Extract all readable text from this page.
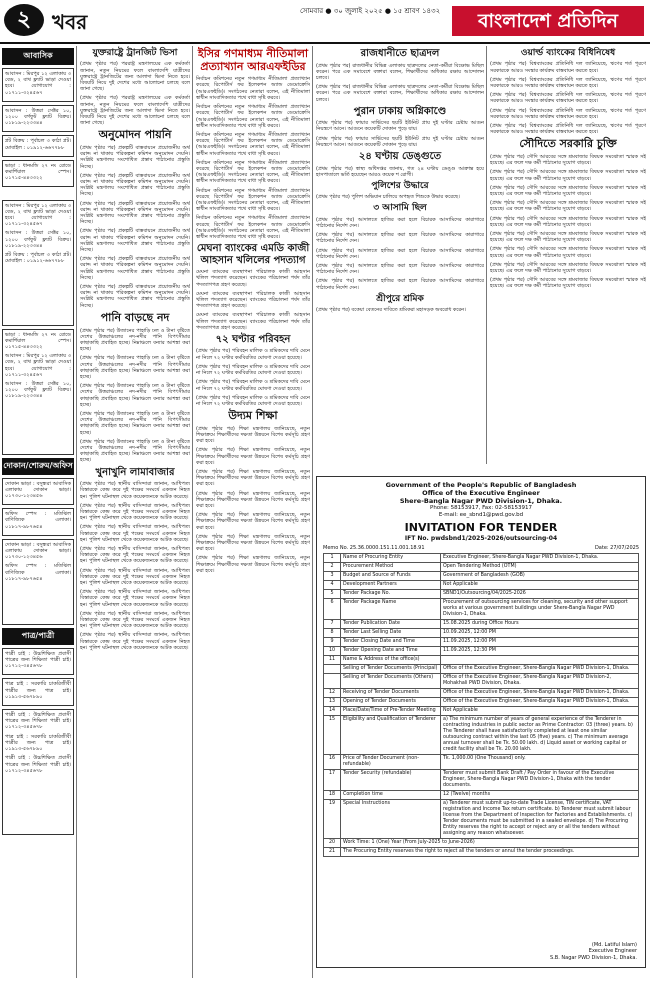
২	খবর	সোমবার ● ৩০ জুলাই ২০২৫ ● ১৫ শ্রাবণ ১৪৩২	বাংলাদেশ প্রতিদিন
আবাসিক

আবাসন : মিরপুর ১২ এলাকায় ৩ বেড, ২ বাথ ফ্ল্যাট ভাড়া দেওয়া হবে। যোগাযোগ : ০১৭১১-৩২৪৫৬৭

আবাসন : উত্তরা সেক্টর ১০, ১২০০ বর্গফুট ফ্ল্যাট বিক্রয়। ০১৮১৯-২২৩৩৪৪

প্লট বিক্রয় : পূর্বাচল ৩ কাঠা প্লট। মোবাইল : ০১৯১২-৬৬৭৭৮৮

ভাড়া : ধানমন্ডি ২৭ নং রোডে কমার্শিয়াল স্পেস। ০১৭১৫-৪৪৩৩২২

আবাসন : মিরপুর ১২ এলাকায় ৩ বেড, ২ বাথ ফ্ল্যাট ভাড়া দেওয়া হবে। যোগাযোগ : ০১৭১১-৩২৪৫৬৭

আবাসন : উত্তরা সেক্টর ১০, ১২০০ বর্গফুট ফ্ল্যাট বিক্রয়। ০১৮১৯-২২৩৩৪৪

প্লট বিক্রয় : পূর্বাচল ৩ কাঠা প্লট। মোবাইল : ০১৯১২-৬৬৭৭৮৮

ভাড়া : ধানমন্ডি ২৭ নং রোডে কমার্শিয়াল স্পেস। ০১৭১৫-৪৪৩৩২২

আবাসন : মিরপুর ১২ এলাকায় ৩ বেড, ২ বাথ ফ্ল্যাট ভাড়া দেওয়া হবে। যোগাযোগ : ০১৭১১-৩২৪৫৬৭

আবাসন : উত্তরা সেক্টর ১০, ১২০০ বর্গফুট ফ্ল্যাট বিক্রয়। ০১৮১৯-২২৩৩৪৪

দোকান/শোরুম/অফিস

দোকান ভাড়া : বসুন্ধরা আবাসিক এলাকায় দোকান ভাড়া। ০১৭৩০-১২৩৪৫৬

অফিস স্পেস : মতিঝিল বাণিজ্যিক এলাকা। ০১৮১৭-৯৮৭৬৫৪

দোকান ভাড়া : বসুন্ধরা আবাসিক এলাকায় দোকান ভাড়া। ০১৭৩০-১২৩৪৫৬

অফিস স্পেস : মতিঝিল বাণিজ্যিক এলাকা। ০১৮১৭-৯৮৭৬৫৪

পাত্র/পাত্রী

পাত্রী চাই : উচ্চশিক্ষিত প্রবাসী পাত্রের জন্য শিক্ষিতা পাত্রী চাই। ০১৭১২-৩৪৫৬৭৮

পাত্র চাই : সরকারি চাকরিজীবী পাত্রীর জন্য পাত্র চাই। ০১৯১৩-৫৬৭৮৯০

পাত্রী চাই : উচ্চশিক্ষিত প্রবাসী পাত্রের জন্য শিক্ষিতা পাত্রী চাই। ০১৭১২-৩৪৫৬৭৮

পাত্র চাই : সরকারি চাকরিজীবী পাত্রীর জন্য পাত্র চাই। ০১৯১৩-৫৬৭৮৯০

পাত্রী চাই : উচ্চশিক্ষিত প্রবাসী পাত্রের জন্য শিক্ষিতা পাত্রী চাই। ০১৭১২-৩৪৫৬৭৮

যুক্তরাষ্ট্রে ট্রানজিট ভিসা

(প্রথম পৃষ্ঠার পর) পররাষ্ট্র মন্ত্রণালয়ের এক কর্মকর্তা জানান, নতুন নিয়মের ফলে বাংলাদেশি যাত্রীদের যুক্তরাষ্ট্রে ট্রানজিটের জন্য আলাদা ভিসা নিতে হবে। বিষয়টি নিয়ে দুই দেশের মধ্যে আলোচনা চলছে বলে জানা গেছে।

(প্রথম পৃষ্ঠার পর) পররাষ্ট্র মন্ত্রণালয়ের এক কর্মকর্তা জানান, নতুন নিয়মের ফলে বাংলাদেশি যাত্রীদের যুক্তরাষ্ট্রে ট্রানজিটের জন্য আলাদা ভিসা নিতে হবে। বিষয়টি নিয়ে দুই দেশের মধ্যে আলোচনা চলছে বলে জানা গেছে।

অনুমোদন পায়নি

(প্রথম পৃষ্ঠার পর) প্রকল্পটি বাস্তবায়নে প্রয়োজনীয় অর্থ বরাদ্দ না থাকায় পরিকল্পনা কমিশন অনুমোদন দেয়নি। সংশ্লিষ্ট মন্ত্রণালয় সংশোধিত প্রস্তাব পাঠানোর প্রস্তুতি নিচ্ছে।

(প্রথম পৃষ্ঠার পর) প্রকল্পটি বাস্তবায়নে প্রয়োজনীয় অর্থ বরাদ্দ না থাকায় পরিকল্পনা কমিশন অনুমোদন দেয়নি। সংশ্লিষ্ট মন্ত্রণালয় সংশোধিত প্রস্তাব পাঠানোর প্রস্তুতি নিচ্ছে।

(প্রথম পৃষ্ঠার পর) প্রকল্পটি বাস্তবায়নে প্রয়োজনীয় অর্থ বরাদ্দ না থাকায় পরিকল্পনা কমিশন অনুমোদন দেয়নি। সংশ্লিষ্ট মন্ত্রণালয় সংশোধিত প্রস্তাব পাঠানোর প্রস্তুতি নিচ্ছে।

(প্রথম পৃষ্ঠার পর) প্রকল্পটি বাস্তবায়নে প্রয়োজনীয় অর্থ বরাদ্দ না থাকায় পরিকল্পনা কমিশন অনুমোদন দেয়নি। সংশ্লিষ্ট মন্ত্রণালয় সংশোধিত প্রস্তাব পাঠানোর প্রস্তুতি নিচ্ছে।

(প্রথম পৃষ্ঠার পর) প্রকল্পটি বাস্তবায়নে প্রয়োজনীয় অর্থ বরাদ্দ না থাকায় পরিকল্পনা কমিশন অনুমোদন দেয়নি। সংশ্লিষ্ট মন্ত্রণালয় সংশোধিত প্রস্তাব পাঠানোর প্রস্তুতি নিচ্ছে।

(প্রথম পৃষ্ঠার পর) প্রকল্পটি বাস্তবায়নে প্রয়োজনীয় অর্থ বরাদ্দ না থাকায় পরিকল্পনা কমিশন অনুমোদন দেয়নি। সংশ্লিষ্ট মন্ত্রণালয় সংশোধিত প্রস্তাব পাঠানোর প্রস্তুতি নিচ্ছে।

পানি বাড়ছে নদ

(প্রথম পৃষ্ঠার পর) উজানের পাহাড়ি ঢল ও টানা বৃষ্টিতে দেশের উত্তরাঞ্চলের নদ-নদীর পানি বিপৎসীমার কাছাকাছি প্রবাহিত হচ্ছে। নিম্নাঞ্চলে বন্যার আশঙ্কা করা হচ্ছে।

(প্রথম পৃষ্ঠার পর) উজানের পাহাড়ি ঢল ও টানা বৃষ্টিতে দেশের উত্তরাঞ্চলের নদ-নদীর পানি বিপৎসীমার কাছাকাছি প্রবাহিত হচ্ছে। নিম্নাঞ্চলে বন্যার আশঙ্কা করা হচ্ছে।

(প্রথম পৃষ্ঠার পর) উজানের পাহাড়ি ঢল ও টানা বৃষ্টিতে দেশের উত্তরাঞ্চলের নদ-নদীর পানি বিপৎসীমার কাছাকাছি প্রবাহিত হচ্ছে। নিম্নাঞ্চলে বন্যার আশঙ্কা করা হচ্ছে।

(প্রথম পৃষ্ঠার পর) উজানের পাহাড়ি ঢল ও টানা বৃষ্টিতে দেশের উত্তরাঞ্চলের নদ-নদীর পানি বিপৎসীমার কাছাকাছি প্রবাহিত হচ্ছে। নিম্নাঞ্চলে বন্যার আশঙ্কা করা হচ্ছে।

(প্রথম পৃষ্ঠার পর) উজানের পাহাড়ি ঢল ও টানা বৃষ্টিতে দেশের উত্তরাঞ্চলের নদ-নদীর পানি বিপৎসীমার কাছাকাছি প্রবাহিত হচ্ছে। নিম্নাঞ্চলে বন্যার আশঙ্কা করা হচ্ছে।

খুনাখুনি লামাবাজার

(প্রথম পৃষ্ঠার পর) স্থানীয় বাসিন্দারা জানান, আধিপত্য বিস্তারকে কেন্দ্র করে দুই পক্ষের সংঘর্ষে একজন নিহত হন। পুলিশ ঘটনাস্থল থেকে কয়েকজনকে আটক করেছে।

(প্রথম পৃষ্ঠার পর) স্থানীয় বাসিন্দারা জানান, আধিপত্য বিস্তারকে কেন্দ্র করে দুই পক্ষের সংঘর্ষে একজন নিহত হন। পুলিশ ঘটনাস্থল থেকে কয়েকজনকে আটক করেছে।

(প্রথম পৃষ্ঠার পর) স্থানীয় বাসিন্দারা জানান, আধিপত্য বিস্তারকে কেন্দ্র করে দুই পক্ষের সংঘর্ষে একজন নিহত হন। পুলিশ ঘটনাস্থল থেকে কয়েকজনকে আটক করেছে।

(প্রথম পৃষ্ঠার পর) স্থানীয় বাসিন্দারা জানান, আধিপত্য বিস্তারকে কেন্দ্র করে দুই পক্ষের সংঘর্ষে একজন নিহত হন। পুলিশ ঘটনাস্থল থেকে কয়েকজনকে আটক করেছে।

(প্রথম পৃষ্ঠার পর) স্থানীয় বাসিন্দারা জানান, আধিপত্য বিস্তারকে কেন্দ্র করে দুই পক্ষের সংঘর্ষে একজন নিহত হন। পুলিশ ঘটনাস্থল থেকে কয়েকজনকে আটক করেছে।

(প্রথম পৃষ্ঠার পর) স্থানীয় বাসিন্দারা জানান, আধিপত্য বিস্তারকে কেন্দ্র করে দুই পক্ষের সংঘর্ষে একজন নিহত হন। পুলিশ ঘটনাস্থল থেকে কয়েকজনকে আটক করেছে।

(প্রথম পৃষ্ঠার পর) স্থানীয় বাসিন্দারা জানান, আধিপত্য বিস্তারকে কেন্দ্র করে দুই পক্ষের সংঘর্ষে একজন নিহত হন। পুলিশ ঘটনাস্থল থেকে কয়েকজনকে আটক করেছে।

(প্রথম পৃষ্ঠার পর) স্থানীয় বাসিন্দারা জানান, আধিপত্য বিস্তারকে কেন্দ্র করে দুই পক্ষের সংঘর্ষে একজন নিহত হন। পুলিশ ঘটনাস্থল থেকে কয়েকজনকে আটক করেছে।

ইসির গণমাধ্যম নীতিমালা প্রত্যাখ্যান আরএফইডির

নির্বাচন কমিশনের নতুন গণমাধ্যম নীতিমালা প্রত্যাখ্যান করেছে রিপোর্টার্স ফর ইলেকশন অ্যান্ড ডেমোক্রেসি (আরএফইডি)। সংগঠনের নেতারা বলেন, এই নীতিমালা স্বাধীন সাংবাদিকতার পথে বাধা সৃষ্টি করবে।

নির্বাচন কমিশনের নতুন গণমাধ্যম নীতিমালা প্রত্যাখ্যান করেছে রিপোর্টার্স ফর ইলেকশন অ্যান্ড ডেমোক্রেসি (আরএফইডি)। সংগঠনের নেতারা বলেন, এই নীতিমালা স্বাধীন সাংবাদিকতার পথে বাধা সৃষ্টি করবে।

নির্বাচন কমিশনের নতুন গণমাধ্যম নীতিমালা প্রত্যাখ্যান করেছে রিপোর্টার্স ফর ইলেকশন অ্যান্ড ডেমোক্রেসি (আরএফইডি)। সংগঠনের নেতারা বলেন, এই নীতিমালা স্বাধীন সাংবাদিকতার পথে বাধা সৃষ্টি করবে।

নির্বাচন কমিশনের নতুন গণমাধ্যম নীতিমালা প্রত্যাখ্যান করেছে রিপোর্টার্স ফর ইলেকশন অ্যান্ড ডেমোক্রেসি (আরএফইডি)। সংগঠনের নেতারা বলেন, এই নীতিমালা স্বাধীন সাংবাদিকতার পথে বাধা সৃষ্টি করবে।

নির্বাচন কমিশনের নতুন গণমাধ্যম নীতিমালা প্রত্যাখ্যান করেছে রিপোর্টার্স ফর ইলেকশন অ্যান্ড ডেমোক্রেসি (আরএফইডি)। সংগঠনের নেতারা বলেন, এই নীতিমালা স্বাধীন সাংবাদিকতার পথে বাধা সৃষ্টি করবে।

নির্বাচন কমিশনের নতুন গণমাধ্যম নীতিমালা প্রত্যাখ্যান করেছে রিপোর্টার্স ফর ইলেকশন অ্যান্ড ডেমোক্রেসি (আরএফইডি)। সংগঠনের নেতারা বলেন, এই নীতিমালা স্বাধীন সাংবাদিকতার পথে বাধা সৃষ্টি করবে।

মেঘনা ব্যাংকের এমডি কাজী আহসান খলিলের পদত্যাগ

মেঘনা ব্যাংকের ব্যবস্থাপনা পরিচালক কাজী আহসান খলিল পদত্যাগ করেছেন। ব্যাংকের পরিচালনা পর্ষদ তাঁর পদত্যাগপত্র গ্রহণ করেছে।

মেঘনা ব্যাংকের ব্যবস্থাপনা পরিচালক কাজী আহসান খলিল পদত্যাগ করেছেন। ব্যাংকের পরিচালনা পর্ষদ তাঁর পদত্যাগপত্র গ্রহণ করেছে।

মেঘনা ব্যাংকের ব্যবস্থাপনা পরিচালক কাজী আহসান খলিল পদত্যাগ করেছেন। ব্যাংকের পরিচালনা পর্ষদ তাঁর পদত্যাগপত্র গ্রহণ করেছে।

৭২ ঘণ্টার পরিবহন

(প্রথম পৃষ্ঠার পর) পরিবহন মালিক ও শ্রমিকদের দাবি মেনে না নিলে ৭২ ঘণ্টার কর্মবিরতির ঘোষণা দেওয়া হয়েছে।

(প্রথম পৃষ্ঠার পর) পরিবহন মালিক ও শ্রমিকদের দাবি মেনে না নিলে ৭২ ঘণ্টার কর্মবিরতির ঘোষণা দেওয়া হয়েছে।

(প্রথম পৃষ্ঠার পর) পরিবহন মালিক ও শ্রমিকদের দাবি মেনে না নিলে ৭২ ঘণ্টার কর্মবিরতির ঘোষণা দেওয়া হয়েছে।

(প্রথম পৃষ্ঠার পর) পরিবহন মালিক ও শ্রমিকদের দাবি মেনে না নিলে ৭২ ঘণ্টার কর্মবিরতির ঘোষণা দেওয়া হয়েছে।

উদ্যম শিক্ষা

(প্রথম পৃষ্ঠার পর) শিক্ষা মন্ত্রণালয় জানিয়েছে, নতুন শিক্ষাক্রমে শিক্ষার্থীদের দক্ষতা উন্নয়নে বিশেষ কর্মসূচি গ্রহণ করা হবে।

(প্রথম পৃষ্ঠার পর) শিক্ষা মন্ত্রণালয় জানিয়েছে, নতুন শিক্ষাক্রমে শিক্ষার্থীদের দক্ষতা উন্নয়নে বিশেষ কর্মসূচি গ্রহণ করা হবে।

(প্রথম পৃষ্ঠার পর) শিক্ষা মন্ত্রণালয় জানিয়েছে, নতুন শিক্ষাক্রমে শিক্ষার্থীদের দক্ষতা উন্নয়নে বিশেষ কর্মসূচি গ্রহণ করা হবে।

(প্রথম পৃষ্ঠার পর) শিক্ষা মন্ত্রণালয় জানিয়েছে, নতুন শিক্ষাক্রমে শিক্ষার্থীদের দক্ষতা উন্নয়নে বিশেষ কর্মসূচি গ্রহণ করা হবে।

(প্রথম পৃষ্ঠার পর) শিক্ষা মন্ত্রণালয় জানিয়েছে, নতুন শিক্ষাক্রমে শিক্ষার্থীদের দক্ষতা উন্নয়নে বিশেষ কর্মসূচি গ্রহণ করা হবে।

(প্রথম পৃষ্ঠার পর) শিক্ষা মন্ত্রণালয় জানিয়েছে, নতুন শিক্ষাক্রমে শিক্ষার্থীদের দক্ষতা উন্নয়নে বিশেষ কর্মসূচি গ্রহণ করা হবে।

(প্রথম পৃষ্ঠার পর) শিক্ষা মন্ত্রণালয় জানিয়েছে, নতুন শিক্ষাক্রমে শিক্ষার্থীদের দক্ষতা উন্নয়নে বিশেষ কর্মসূচি গ্রহণ করা হবে।

রাজধানীতে ছাত্রদল

(প্রথম পৃষ্ঠার পর) রাজধানীর বিভিন্ন এলাকায় ছাত্রদলের নেতা-কর্মীরা বিক্ষোভ মিছিল করেন। পরে এক সমাবেশে বক্তারা বলেন, শিক্ষার্থীদের অধিকার রক্ষায় আন্দোলন চলবে।

(প্রথম পৃষ্ঠার পর) রাজধানীর বিভিন্ন এলাকায় ছাত্রদলের নেতা-কর্মীরা বিক্ষোভ মিছিল করেন। পরে এক সমাবেশে বক্তারা বলেন, শিক্ষার্থীদের অধিকার রক্ষায় আন্দোলন চলবে।

পুরান ঢাকায় অগ্নিকাণ্ডে

(প্রথম পৃষ্ঠার পর) ফায়ার সার্ভিসের ছয়টি ইউনিট প্রায় দুই ঘণ্টার চেষ্টায় আগুন নিয়ন্ত্রণে আনে। আগুনে কয়েকটি দোকান পুড়ে যায়।

(প্রথম পৃষ্ঠার পর) ফায়ার সার্ভিসের ছয়টি ইউনিট প্রায় দুই ঘণ্টার চেষ্টায় আগুন নিয়ন্ত্রণে আনে। আগুনে কয়েকটি দোকান পুড়ে যায়।

২৪ ঘণ্টায় ডেঙ্গুতে

(প্রথম পৃষ্ঠার পর) স্বাস্থ্য অধিদপ্তর জানায়, গত ২৪ ঘণ্টায় ডেঙ্গু আক্রান্ত হয়ে হাসপাতালে ভর্তি হয়েছেন আরও কয়েক শ রোগী।

পুলিশের উদ্ধারে

(প্রথম পৃষ্ঠার পর) পুলিশ অভিযান চালিয়ে অপহৃত শিশুকে উদ্ধার করেছে।

৩ আসামি ছিল

(প্রথম পৃষ্ঠার পর) আদালতে হাজির করা হলে বিচারক আসামিদের কারাগারে পাঠানোর নির্দেশ দেন।

(প্রথম পৃষ্ঠার পর) আদালতে হাজির করা হলে বিচারক আসামিদের কারাগারে পাঠানোর নির্দেশ দেন।

(প্রথম পৃষ্ঠার পর) আদালতে হাজির করা হলে বিচারক আসামিদের কারাগারে পাঠানোর নির্দেশ দেন।

(প্রথম পৃষ্ঠার পর) আদালতে হাজির করা হলে বিচারক আসামিদের কারাগারে পাঠানোর নির্দেশ দেন।

(প্রথম পৃষ্ঠার পর) আদালতে হাজির করা হলে বিচারক আসামিদের কারাগারে পাঠানোর নির্দেশ দেন।

শ্রীপুরে শ্রমিক

(প্রথম পৃষ্ঠার পর) বকেয়া বেতনের দাবিতে শ্রমিকরা মহাসড়ক অবরোধ করেন।

ওয়ার্ল্ড ব্যাংকের বিধিনিষেধ

(প্রথম পৃষ্ঠার পর) বিশ্বব্যাংকের প্রতিনিধি দল জানিয়েছে, ঋণের শর্ত পূরণে সরকারকে আরও সংস্কার কার্যক্রম বাস্তবায়ন করতে হবে।

(প্রথম পৃষ্ঠার পর) বিশ্বব্যাংকের প্রতিনিধি দল জানিয়েছে, ঋণের শর্ত পূরণে সরকারকে আরও সংস্কার কার্যক্রম বাস্তবায়ন করতে হবে।

(প্রথম পৃষ্ঠার পর) বিশ্বব্যাংকের প্রতিনিধি দল জানিয়েছে, ঋণের শর্ত পূরণে সরকারকে আরও সংস্কার কার্যক্রম বাস্তবায়ন করতে হবে।

(প্রথম পৃষ্ঠার পর) বিশ্বব্যাংকের প্রতিনিধি দল জানিয়েছে, ঋণের শর্ত পূরণে সরকারকে আরও সংস্কার কার্যক্রম বাস্তবায়ন করতে হবে।

(প্রথম পৃষ্ঠার পর) বিশ্বব্যাংকের প্রতিনিধি দল জানিয়েছে, ঋণের শর্ত পূরণে সরকারকে আরও সংস্কার কার্যক্রম বাস্তবায়ন করতে হবে।

সৌদিতে সরকারি চুক্তি

(প্রথম পৃষ্ঠার পর) সৌদি আরবের সঙ্গে শ্রমবাজার বিষয়ক সমঝোতা স্মারক সই হয়েছে। এর ফলে দক্ষ কর্মী পাঠানোর সুযোগ বাড়বে।

(প্রথম পৃষ্ঠার পর) সৌদি আরবের সঙ্গে শ্রমবাজার বিষয়ক সমঝোতা স্মারক সই হয়েছে। এর ফলে দক্ষ কর্মী পাঠানোর সুযোগ বাড়বে।

(প্রথম পৃষ্ঠার পর) সৌদি আরবের সঙ্গে শ্রমবাজার বিষয়ক সমঝোতা স্মারক সই হয়েছে। এর ফলে দক্ষ কর্মী পাঠানোর সুযোগ বাড়বে।

(প্রথম পৃষ্ঠার পর) সৌদি আরবের সঙ্গে শ্রমবাজার বিষয়ক সমঝোতা স্মারক সই হয়েছে। এর ফলে দক্ষ কর্মী পাঠানোর সুযোগ বাড়বে।

(প্রথম পৃষ্ঠার পর) সৌদি আরবের সঙ্গে শ্রমবাজার বিষয়ক সমঝোতা স্মারক সই হয়েছে। এর ফলে দক্ষ কর্মী পাঠানোর সুযোগ বাড়বে।

(প্রথম পৃষ্ঠার পর) সৌদি আরবের সঙ্গে শ্রমবাজার বিষয়ক সমঝোতা স্মারক সই হয়েছে। এর ফলে দক্ষ কর্মী পাঠানোর সুযোগ বাড়বে।

(প্রথম পৃষ্ঠার পর) সৌদি আরবের সঙ্গে শ্রমবাজার বিষয়ক সমঝোতা স্মারক সই হয়েছে। এর ফলে দক্ষ কর্মী পাঠানোর সুযোগ বাড়বে।

(প্রথম পৃষ্ঠার পর) সৌদি আরবের সঙ্গে শ্রমবাজার বিষয়ক সমঝোতা স্মারক সই হয়েছে। এর ফলে দক্ষ কর্মী পাঠানোর সুযোগ বাড়বে।

(প্রথম পৃষ্ঠার পর) সৌদি আরবের সঙ্গে শ্রমবাজার বিষয়ক সমঝোতা স্মারক সই হয়েছে। এর ফলে দক্ষ কর্মী পাঠানোর সুযোগ বাড়বে।

Government of the People's Republic of Bangladesh
Office of the Executive Engineer
Shere-Bangla Nagar PWD Division-1, Dhaka.
Phone: 58153917, Fax: 02-58153917
E-mail: ee_sbnd1@pwd.gov.bd
INVITATION FOR TENDER
IFT No. pwdsbnd1/2025-2026/outsourcing-04
Memo No. 25.36.0000.151.11.001.18.91	Date: 27/07/2025
1	Name of Procuring Entity	Executive Engineer, Shere-Bangla Nagar PWD Division-1, Dhaka.
2	Procurement Method	Open Tendering Method (OTM)
3	Budget and Source of Funds	Government of Bangladesh (GOB)
4	Development Partners	Not Applicable
5	Tender Package No.	SBND1/Outsourcing/04/2025-2026
6	Tender Package Name	Procurement of outsourcing services for cleaning, security and other support works at various government buildings under Shere-Bangla Nagar PWD Division-1, Dhaka.
7	Tender Publication Date	15.08.2025 during Office Hours
8	Tender Last Selling Date	10.09.2025, 12:00 PM
9	Tender Closing Date and Time	11.09.2025, 12:00 PM
10	Tender Opening Date and Time	11.09.2025, 12:30 PM
11	Name & Address of the office(s)	
	Selling of Tender Documents (Principal)	Office of the Executive Engineer, Shere-Bangla Nagar PWD Division-1, Dhaka.
	Selling of Tender Documents (Others)	Office of the Executive Engineer, Shere-Bangla Nagar PWD Division-2, Mohakhali PWD Division, Dhaka.
12	Receiving of Tender Documents	Office of the Executive Engineer, Shere-Bangla Nagar PWD Division-1, Dhaka.
13	Opening of Tender Documents	Office of the Executive Engineer, Shere-Bangla Nagar PWD Division-1, Dhaka.
14	Place/Date/Time of Pre-Tender Meeting	Not Applicable
15	Eligibility and Qualification of Tenderer	a) The minimum number of years of general experience of the Tenderer in contracting industries in public sector as Prime Contractor: 03 (three) years. b) The Tenderer shall have satisfactorily completed at least one similar outsourcing contract within the last 05 (five) years. c) The minimum average annual turnover shall be Tk. 50.00 lakh. d) Liquid asset or working capital or credit facility shall be Tk. 20.00 lakh.
16	Price of Tender Document (non-refundable)	Tk. 1,000.00 (One Thousand) only.
17	Tender Security (refundable)	Tenderer must submit Bank Draft / Pay Order in favour of the Executive Engineer, Shere-Bangla Nagar PWD Division-1, Dhaka with the tender documents.
18	Completion time	12 (Twelve) months
19	Special Instructions	a) Tenderer must submit up-to-date Trade License, TIN certificate, VAT registration and Income Tax return certificate. b) Tenderer must submit labour license from the Department of Inspection for Factories and Establishments. c) Tender documents must be submitted in a sealed envelope. d) The Procuring Entity reserves the right to accept or reject any or all the tenders without assigning any reason whatsoever.
20	Work Time: 1 (One) Year (From July-2025 to June-2026)	
21	The Procuring Entity reserves the right to reject all the tenders or annul the tender proceedings.	
(Md. Latiful Islam)
Executive Engineer
S.B. Nagar PWD Division-1, Dhaka.
